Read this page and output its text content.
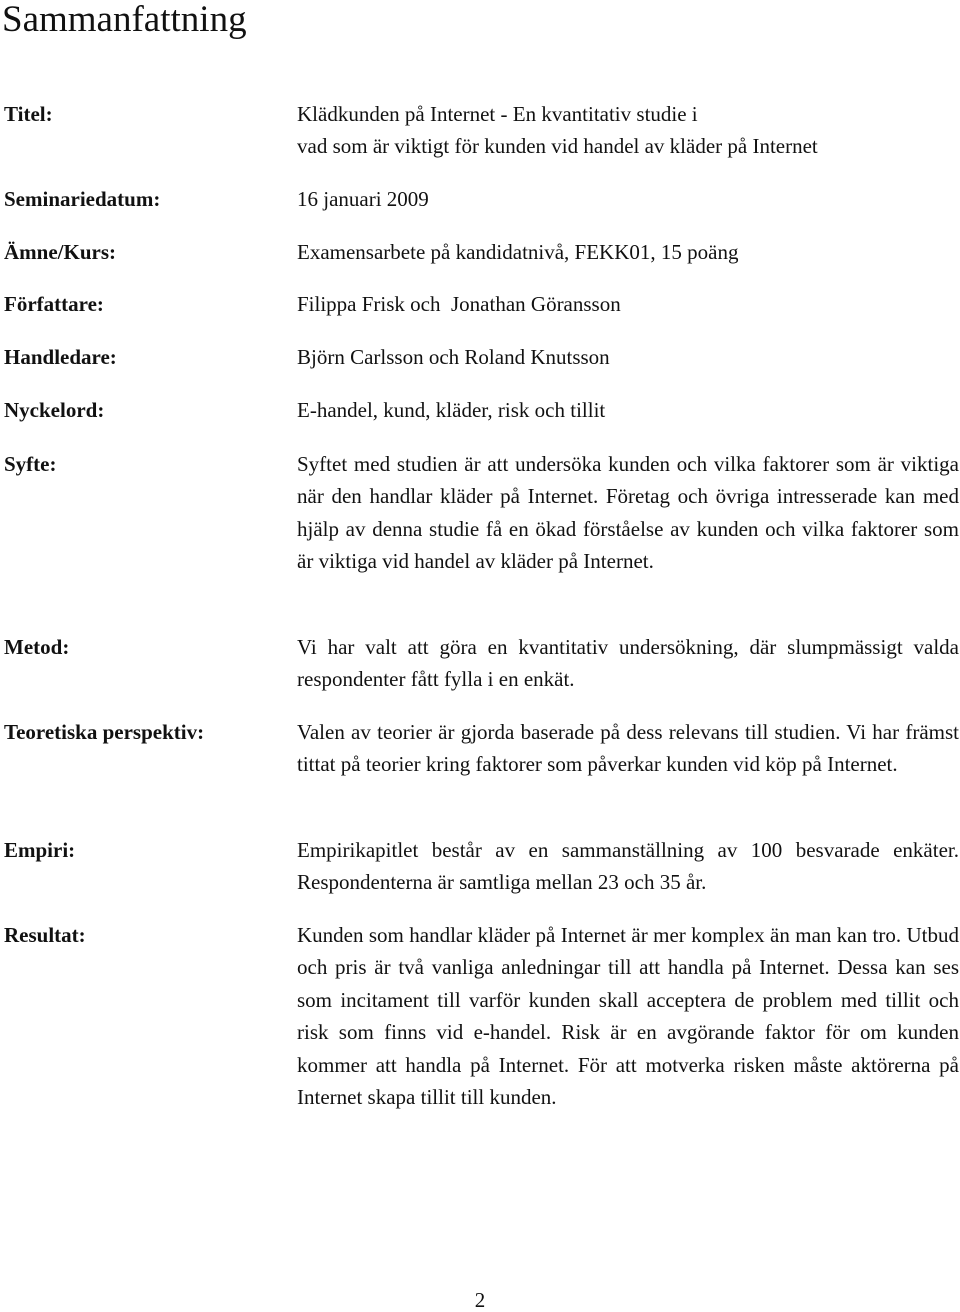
Sammanfattning
Titel:	Klädkunden på Internet - En kvantitativ studie i
vad som är viktigt för kunden vid handel av kläder på Internet
Seminariedatum:	16 januari 2009
Ämne/Kurs:	Examensarbete på kandidatnivå, FEKK01, 15 poäng
Författare:	Filippa Frisk och  Jonathan Göransson
Handledare:	Björn Carlsson och Roland Knutsson
Nyckelord:	E-handel, kund, kläder, risk och tillit
Syfte:	Syftet med studien är att undersöka kunden och vilka faktorer som är viktiga när den handlar kläder på Internet. Företag och övriga intresserade kan med hjälp av denna studie få en ökad förståelse av kunden och vilka faktorer som är viktiga vid handel av kläder på Internet.
Metod:	Vi har valt att göra en kvantitativ undersökning, där slumpmässigt valda respondenter fått fylla i en enkät.
Teoretiska perspektiv:	Valen av teorier är gjorda baserade på dess relevans till studien. Vi har främst tittat på teorier kring faktorer som påverkar kunden vid köp på Internet.
Empiri:	Empirikapitlet består av en sammanställning av 100 besvarade enkäter. Respondenterna är samtliga mellan 23 och 35 år.
Resultat:	Kunden som handlar kläder på Internet är mer komplex än man kan tro. Utbud och pris är två vanliga anledningar till att handla på Internet. Dessa kan ses som incitament till varför kunden skall acceptera de problem med tillit och risk som finns vid e-handel. Risk är en avgörande faktor för om kunden kommer att handla på Internet. För att motverka risken måste aktörerna på Internet skapa tillit till kunden.
2
